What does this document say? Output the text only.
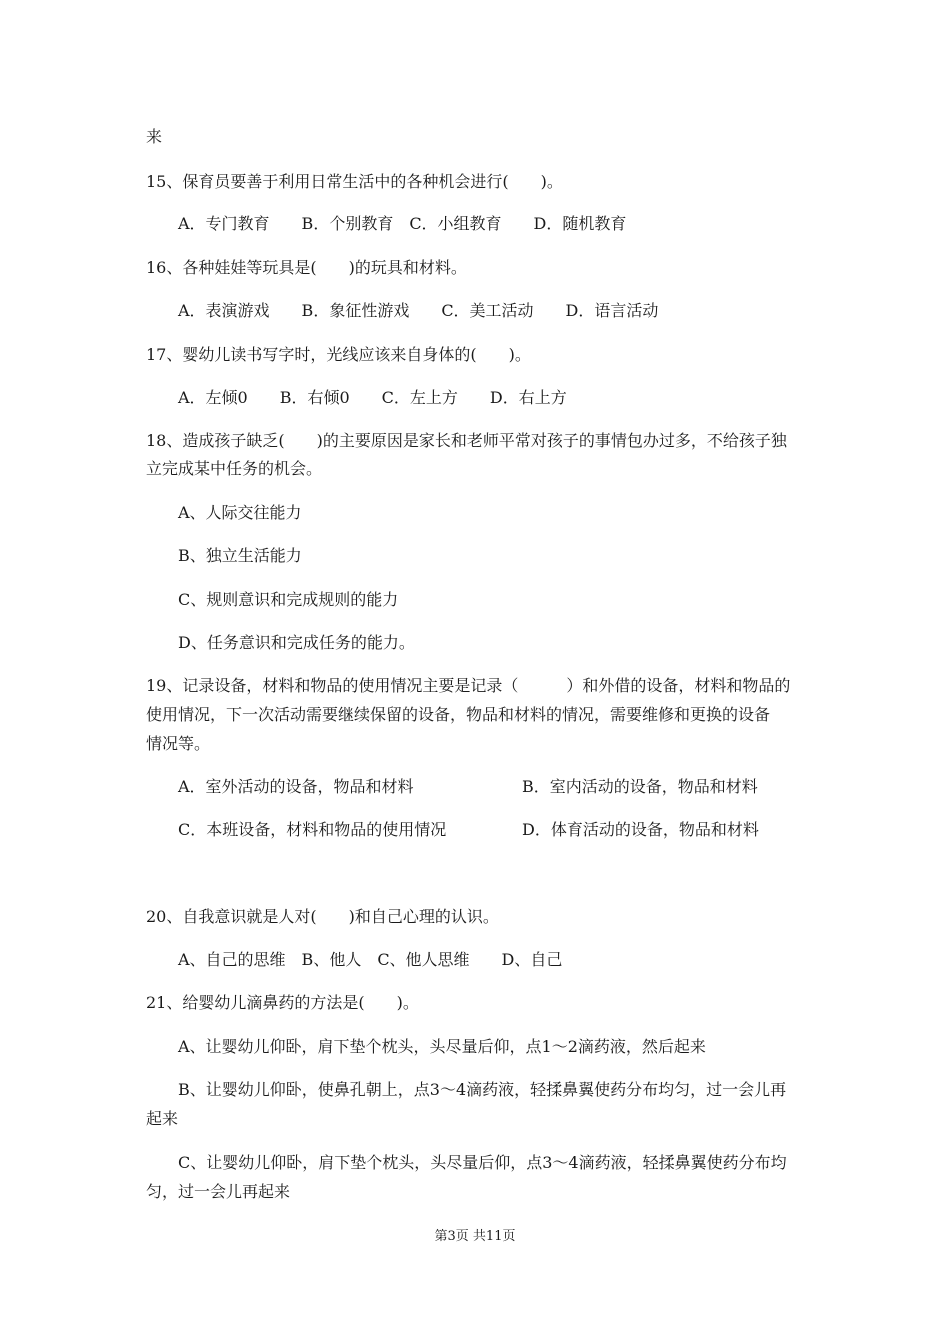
来
15、保育员要善于利用日常生活中的各种机会进行(　　)。
A．专门教育　　B．个别教育　C．小组教育　　D．随机教育
16、各种娃娃等玩具是(　　)的玩具和材料。
A．表演游戏　　B．象征性游戏　　C．美工活动　　D．语言活动
17、婴幼儿读书写字时，光线应该来自身体的(　　)。
A．左倾0　　B．右倾0　　C．左上方　　D．右上方
18、造成孩子缺乏(　　)的主要原因是家长和老师平常对孩子的事情包办过多，不给孩子独
立完成某中任务的机会。
A、人际交往能力
B、独立生活能力
C、规则意识和完成规则的能力
D、任务意识和完成任务的能力。
19、记录设备，材料和物品的使用情况主要是记录（　　　）和外借的设备，材料和物品的
使用情况，下一次活动需要继续保留的设备，物品和材料的情况，需要维修和更换的设备
情况等。
A．室外活动的设备，物品和材料	B．室内活动的设备，物品和材料
C．本班设备，材料和物品的使用情况	D．体育活动的设备，物品和材料
20、自我意识就是人对(　　)和自己心理的认识。
A、自己的思维　B、他人　C、他人思维　　D、自己
21、给婴幼儿滴鼻药的方法是(　　)。
A、让婴幼儿仰卧，肩下垫个枕头，头尽量后仰，点1～2滴药液，然后起来
B、让婴幼儿仰卧，使鼻孔朝上，点3～4滴药液，轻揉鼻翼使药分布均匀，过一会儿再
起来
C、让婴幼儿仰卧，肩下垫个枕头，头尽量后仰，点3～4滴药液，轻揉鼻翼使药分布均
匀，过一会儿再起来
第3页 共11页
